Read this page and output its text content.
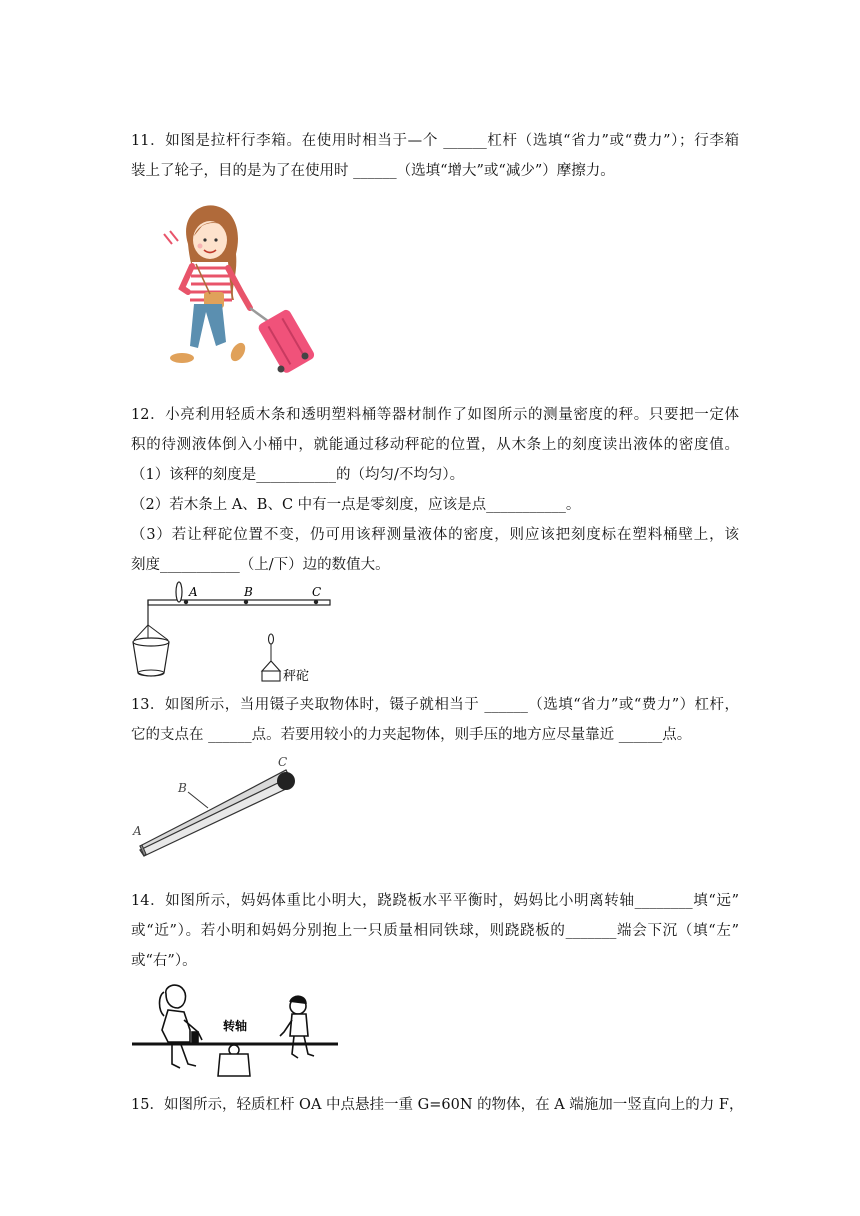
11．如图是拉杆行李箱。在使用时相当于—个 ______杠杆（选填“省力”或“费力”）；行李箱
装上了轮子，目的是为了在使用时 ______（选填“增大”或“减少”）摩擦力。
12．小亮利用轻质木条和透明塑料桶等器材制作了如图所示的测量密度的秤。只要把一定体
积的待测液体倒入小桶中，就能通过移动秤砣的位置，从木条上的刻度读出液体的密度值。
（1）该秤的刻度是___________的（均匀/不均匀）。
（2）若木条上 A、B、C 中有一点是零刻度，应该是点___________。
（3）若让秤砣位置不变，仍可用该秤测量液体的密度，则应该把刻度标在塑料桶壁上，该
刻度___________（上/下）边的数值大。
A	B	C
秤砣
13．如图所示，当用镊子夹取物体时，镊子就相当于 ______（选填“省力”或“费力”）杠杆，
它的支点在 ______点。若要用较小的力夹起物体，则手压的地方应尽量靠近 ______点。
B
C
A
14．如图所示，妈妈体重比小明大，跷跷板水平平衡时，妈妈比小明离转轴________填“远”
或“近”）。若小明和妈妈分别抱上一只质量相同铁球，则跷跷板的_______端会下沉（填“左”
或“右”）。
转轴
15．如图所示，轻质杠杆 OA 中点悬挂一重 G=60N 的物体，在 A 端施加一竖直向上的力 F，
